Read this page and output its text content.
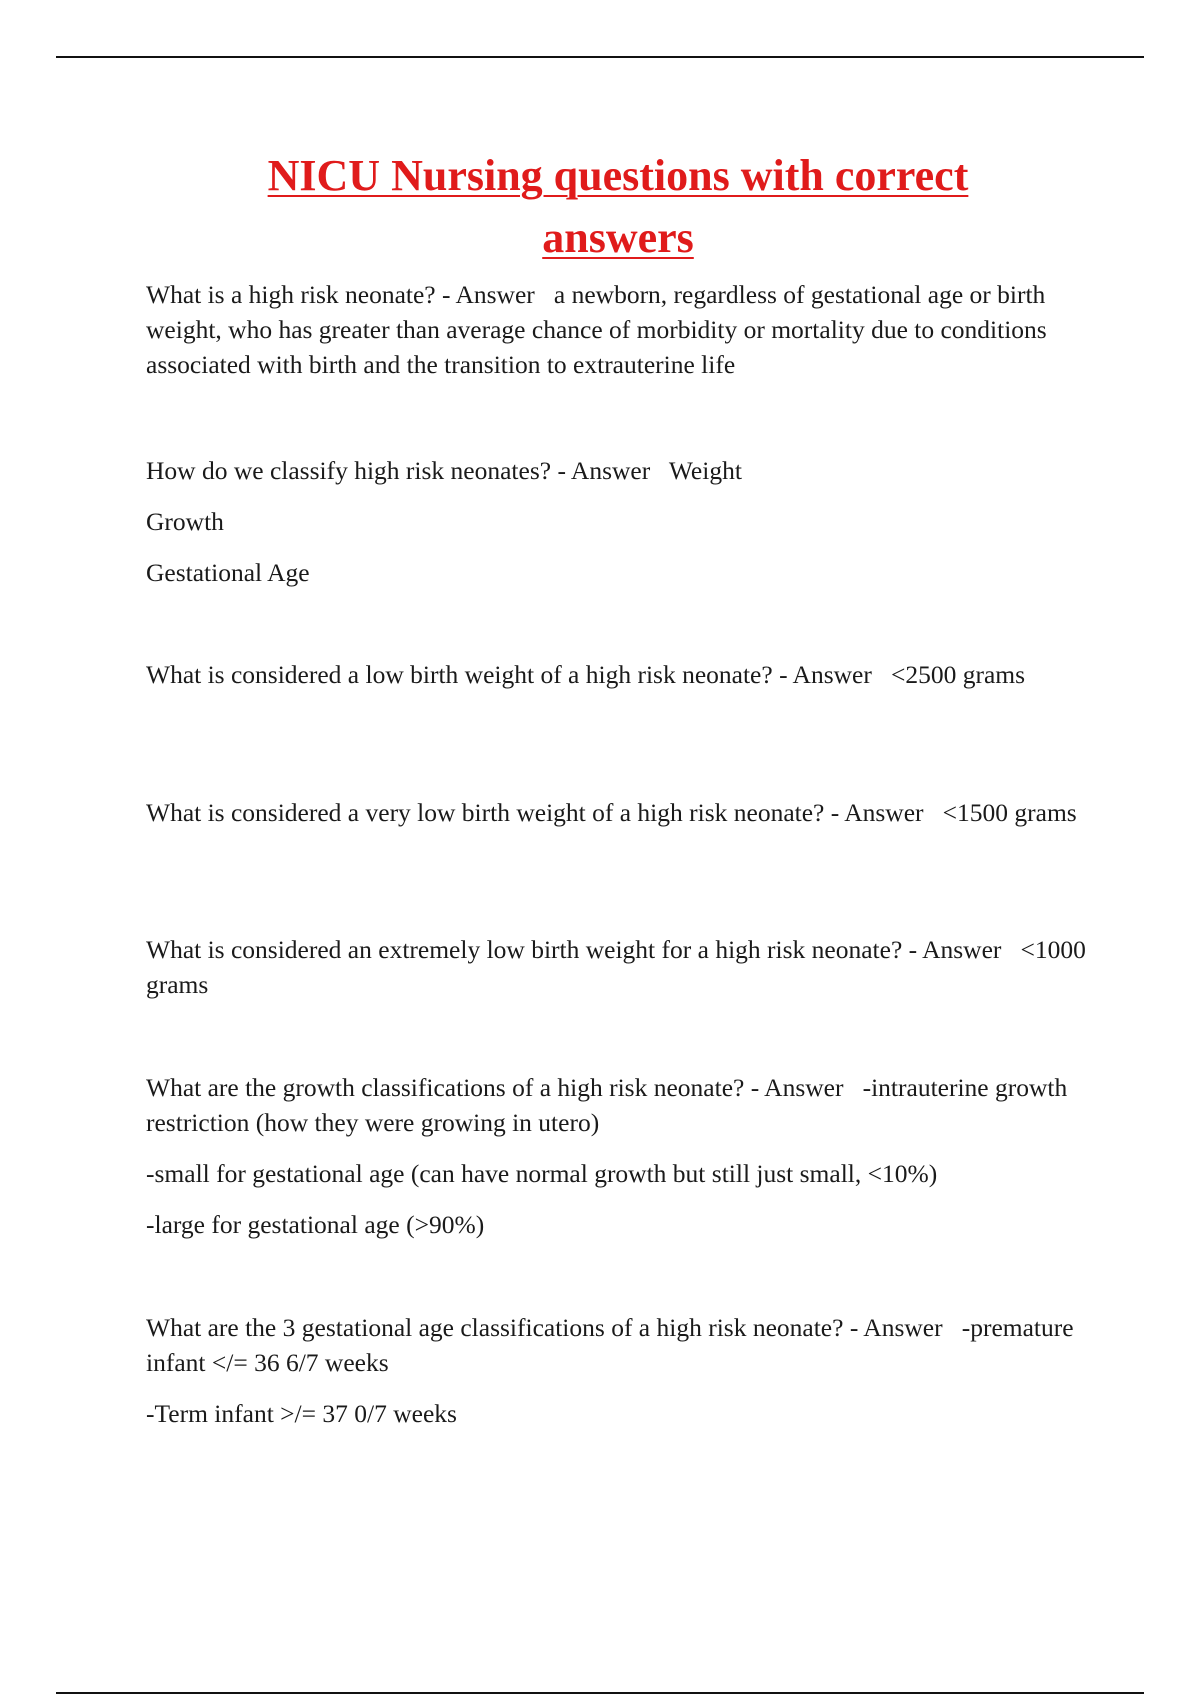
NICU Nursing questions with correct
answers

What is a high risk neonate? - Answer a newborn, regardless of gestational age or birth weight, who has greater than average chance of morbidity or mortality due to conditions associated with birth and the transition to extrauterine life

How do we classify high risk neonates? - Answer Weight

Growth

Gestational Age

What is considered a low birth weight of a high risk neonate? - Answer <2500 grams

What is considered a very low birth weight of a high risk neonate? - Answer <1500 grams

What is considered an extremely low birth weight for a high risk neonate? - Answer <1000 grams

What are the growth classifications of a high risk neonate? - Answer -intrauterine growth restriction (how they were growing in utero)

-small for gestational age (can have normal growth but still just small, <10%)

-large for gestational age (>90%)

What are the 3 gestational age classifications of a high risk neonate? - Answer -premature infant </= 36 6/7 weeks

-Term infant >/= 37 0/7 weeks
